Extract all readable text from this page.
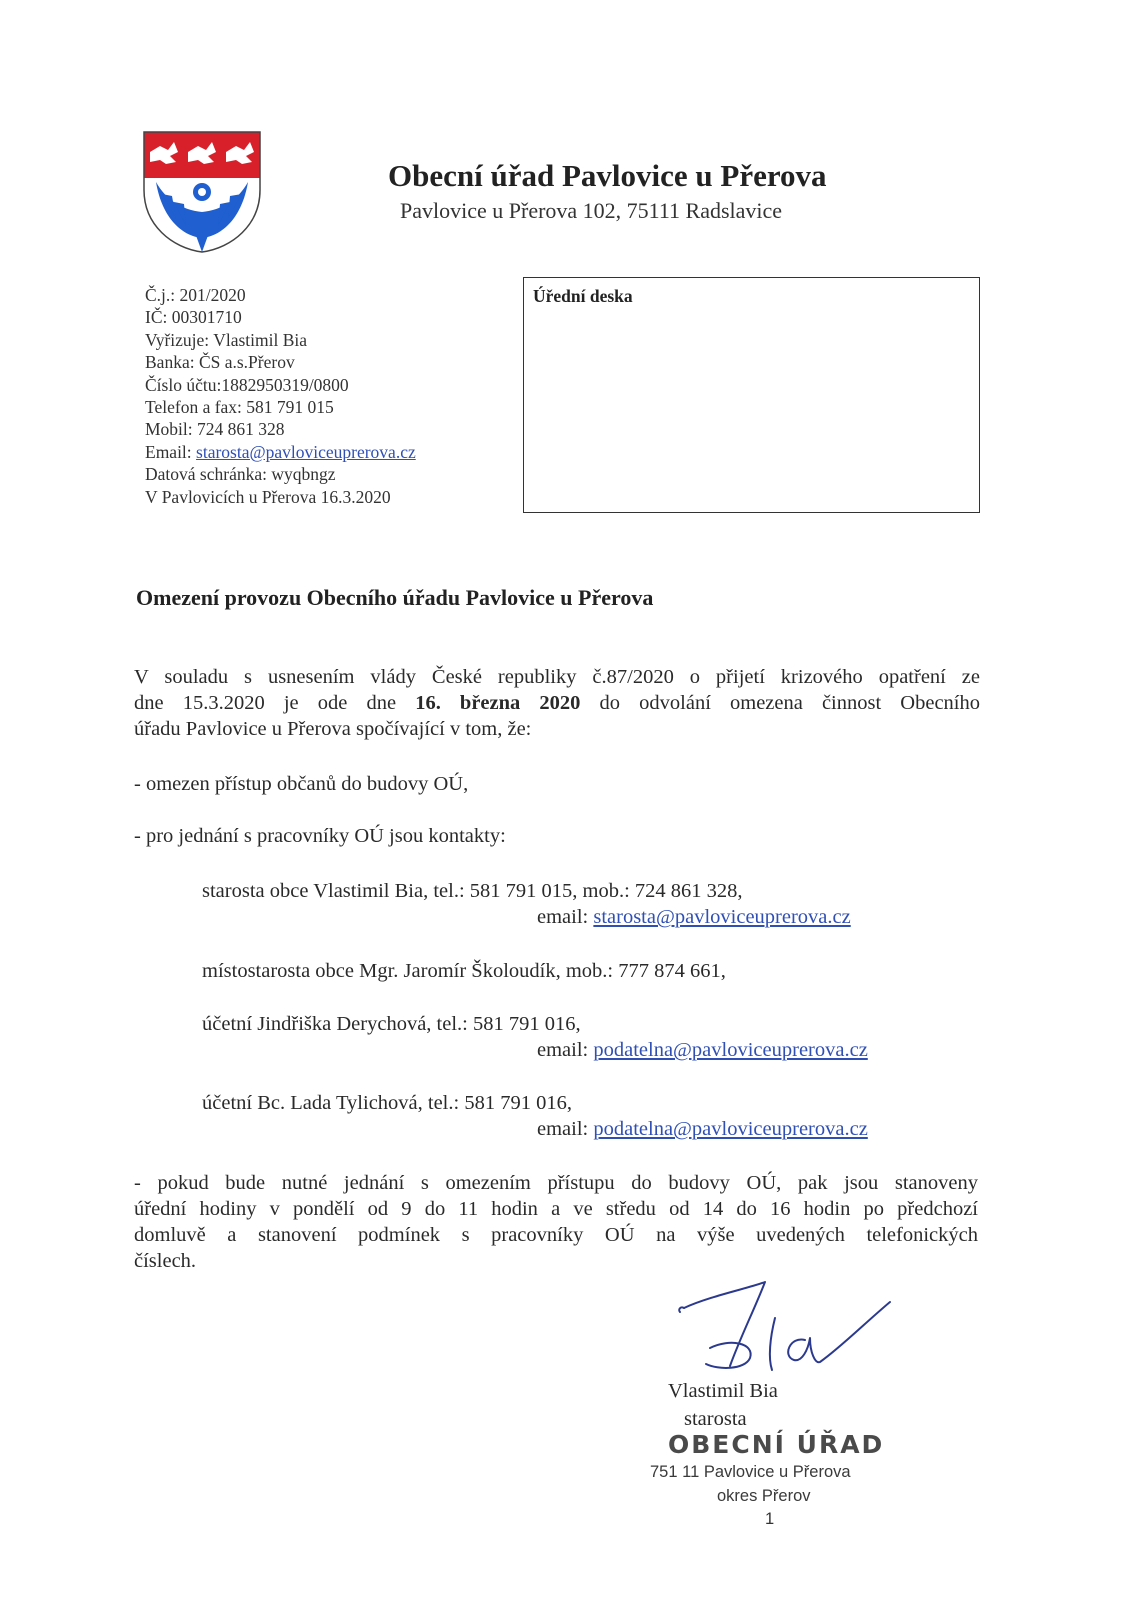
Obecní úřad Pavlovice u Přerova
Pavlovice u Přerova 102, 75111 Radslavice
Č.j.: 201/2020
IČ: 00301710
Vyřizuje: Vlastimil Bia
Banka: ČS a.s.Přerov
Číslo účtu:1882950319/0800
Telefon a fax: 581 791 015
Mobil: 724 861 328
Email: starosta@pavloviceuprerova.cz
Datová schránka: wyqbngz
V Pavlovicích u Přerova 16.3.2020
Úřední deska
Omezení provozu Obecního úřadu Pavlovice u Přerova
V souladu s usnesením vlády České republiky č.87/2020 o přijetí krizového opatření ze
dne 15.3.2020 je ode dne 16. března 2020 do odvolání omezena činnost Obecního
úřadu Pavlovice u Přerova spočívající v tom, že:
- omezen přístup občanů do budovy OÚ,
- pro jednání s pracovníky OÚ jsou kontakty:
starosta obce Vlastimil Bia, tel.: 581 791 015, mob.: 724 861 328,
email: starosta@pavloviceuprerova.cz
místostarosta obce Mgr. Jaromír Školoudík, mob.: 777 874 661,
účetní Jindřiška Derychová, tel.: 581 791 016,
email: podatelna@pavloviceuprerova.cz
účetní Bc. Lada Tylichová, tel.: 581 791 016,
email: podatelna@pavloviceuprerova.cz
- pokud bude nutné jednání s omezením přístupu do budovy OÚ, pak jsou stanoveny
úřední hodiny v pondělí od 9 do 11 hodin a ve středu od 14 do 16 hodin po předchozí
domluvě a stanovení podmínek s pracovníky OÚ na výše uvedených telefonických
číslech.
Vlastimil Bia
starosta
OBECNÍ ÚŘAD
751 11 Pavlovice u Přerova
okres Přerov
1
